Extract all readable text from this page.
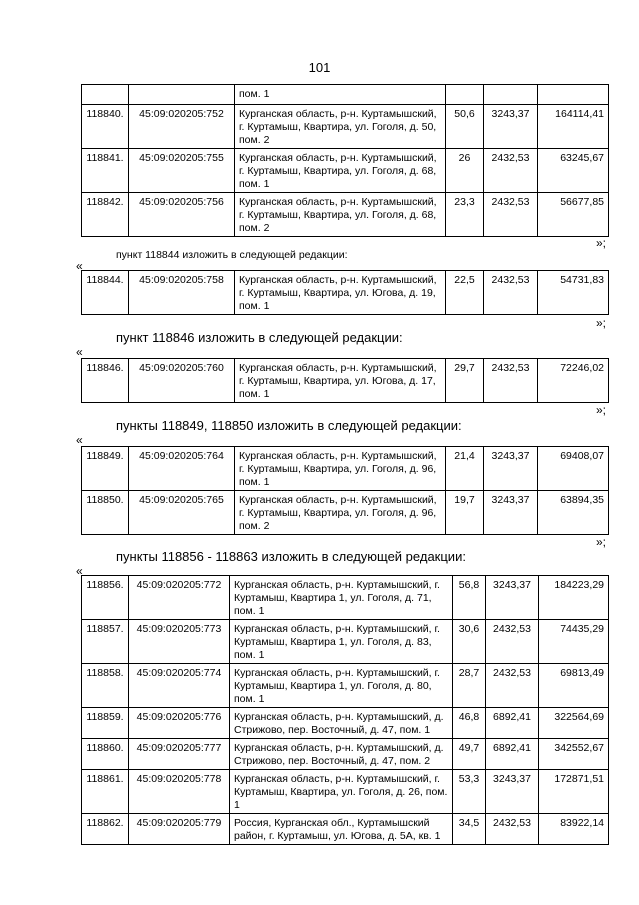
101
		пом. 1			
118840.	45:09:020205:752	Курганская область, р-н. Куртамышский, г. Куртамыш, Квартира, ул. Гоголя, д. 50, пом. 2	50,6	3243,37	164114,41
118841.	45:09:020205:755	Курганская область, р-н. Куртамышский, г. Куртамыш, Квартира, ул. Гоголя, д. 68, пом. 1	26	2432,53	63245,67
118842.	45:09:020205:756	Курганская область, р-н. Куртамышский, г. Куртамыш, Квартира, ул. Гоголя, д. 68, пом. 2	23,3	2432,53	56677,85
»;
пункт 118844 изложить в следующей редакции:
«
118844.	45:09:020205:758	Курганская область, р-н. Куртамышский, г. Куртамыш, Квартира, ул. Югова, д. 19, пом. 1	22,5	2432,53	54731,83
»;
пункт 118846 изложить в следующей редакции:
«
118846.	45:09:020205:760	Курганская область, р-н. Куртамышский, г. Куртамыш, Квартира, ул. Югова, д. 17, пом. 1	29,7	2432,53	72246,02
»;
пункты 118849, 118850 изложить в следующей редакции:
«
118849.	45:09:020205:764	Курганская область, р-н. Куртамышский, г. Куртамыш, Квартира, ул. Гоголя, д. 96, пом. 1	21,4	3243,37	69408,07
118850.	45:09:020205:765	Курганская область, р-н. Куртамышский, г. Куртамыш, Квартира, ул. Гоголя, д. 96, пом. 2	19,7	3243,37	63894,35
»;
пункты 118856 - 118863 изложить в следующей редакции:
«
118856.	45:09:020205:772	Курганская область, р-н. Куртамышский, г. Куртамыш, Квартира 1, ул. Гоголя, д. 71, пом. 1	56,8	3243,37	184223,29
118857.	45:09:020205:773	Курганская область, р-н. Куртамышский, г. Куртамыш, Квартира 1, ул. Гоголя, д. 83, пом. 1	30,6	2432,53	74435,29
118858.	45:09:020205:774	Курганская область, р-н. Куртамышский, г. Куртамыш, Квартира 1, ул. Гоголя, д. 80, пом. 1	28,7	2432,53	69813,49
118859.	45:09:020205:776	Курганская область, р-н. Куртамышский, д. Стрижово, пер. Восточный, д. 47, пом. 1	46,8	6892,41	322564,69
118860.	45:09:020205:777	Курганская область, р-н. Куртамышский, д. Стрижово, пер. Восточный, д. 47, пом. 2	49,7	6892,41	342552,67
118861.	45:09:020205:778	Курганская область, р-н. Куртамышский, г. Куртамыш, Квартира, ул. Гоголя, д. 26, пом. 1	53,3	3243,37	172871,51
118862.	45:09:020205:779	Россия, Курганская обл., Куртамышский район, г. Куртамыш, ул. Югова, д. 5А, кв. 1	34,5	2432,53	83922,14
